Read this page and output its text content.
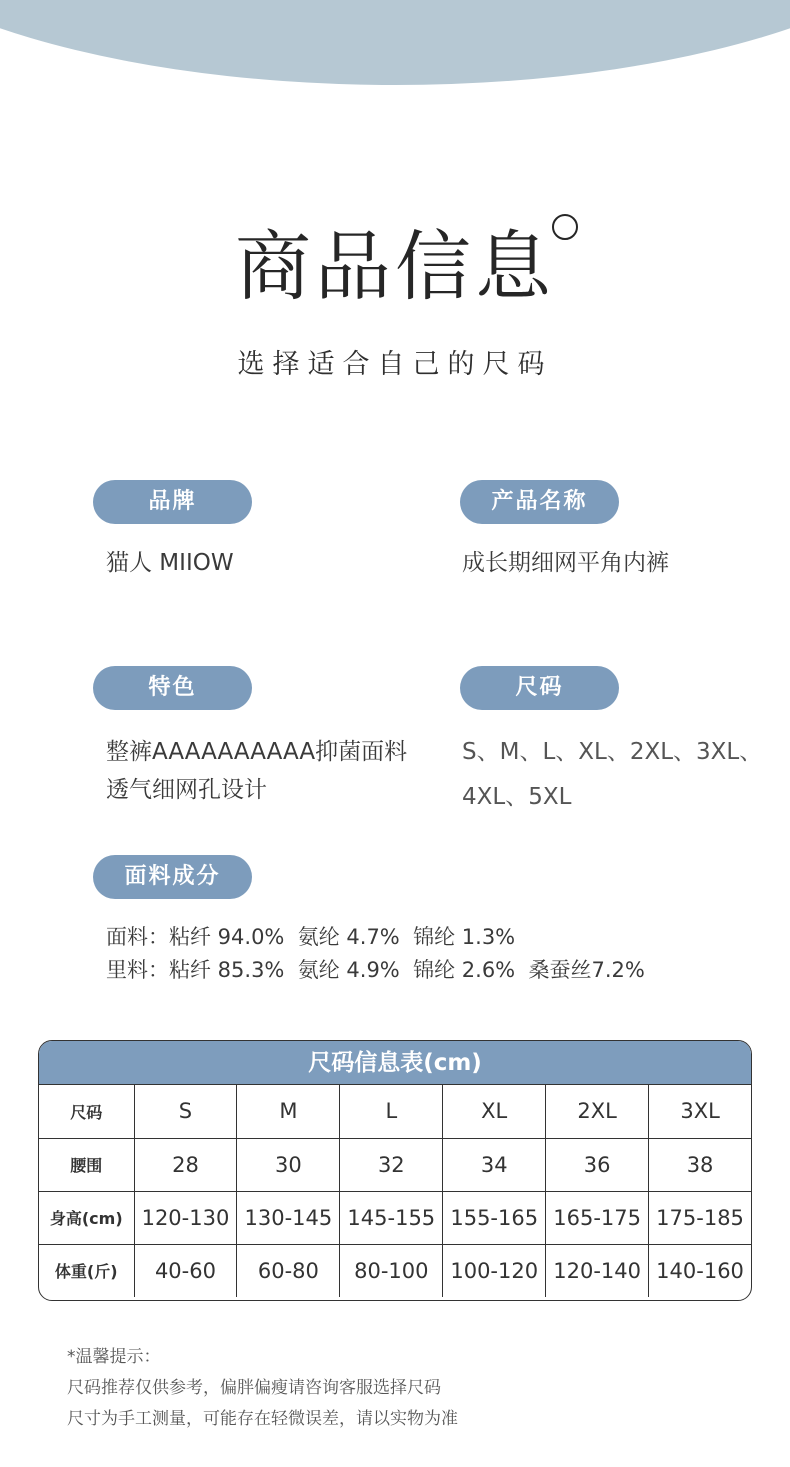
商品信息
选择适合自己的尺码
品牌
猫人 MIIOW
产品名称
成长期细网平角内裤
特色
整裤AAAAAAAAAA抑菌面料
透气细网孔设计
尺码
S、M、L、XL、2XL、3XL、
4XL、5XL
面料成分
面料：粘纤 94.0%  氨纶 4.7%  锦纶 1.3%
里料：粘纤 85.3%  氨纶 4.9%  锦纶 2.6%  桑蚕丝7.2%
尺码信息表(cm)
尺码	S	M	L	XL	2XL	3XL
腰围	28	30	32	34	36	38
身高(cm)	120-130	130-145	145-155	155-165	165-175	175-185
体重(斤)	40-60	60-80	80-100	100-120	120-140	140-160
*温馨提示：
尺码推荐仅供参考，偏胖偏瘦请咨询客服选择尺码
尺寸为手工测量，可能存在轻微误差，请以实物为准
